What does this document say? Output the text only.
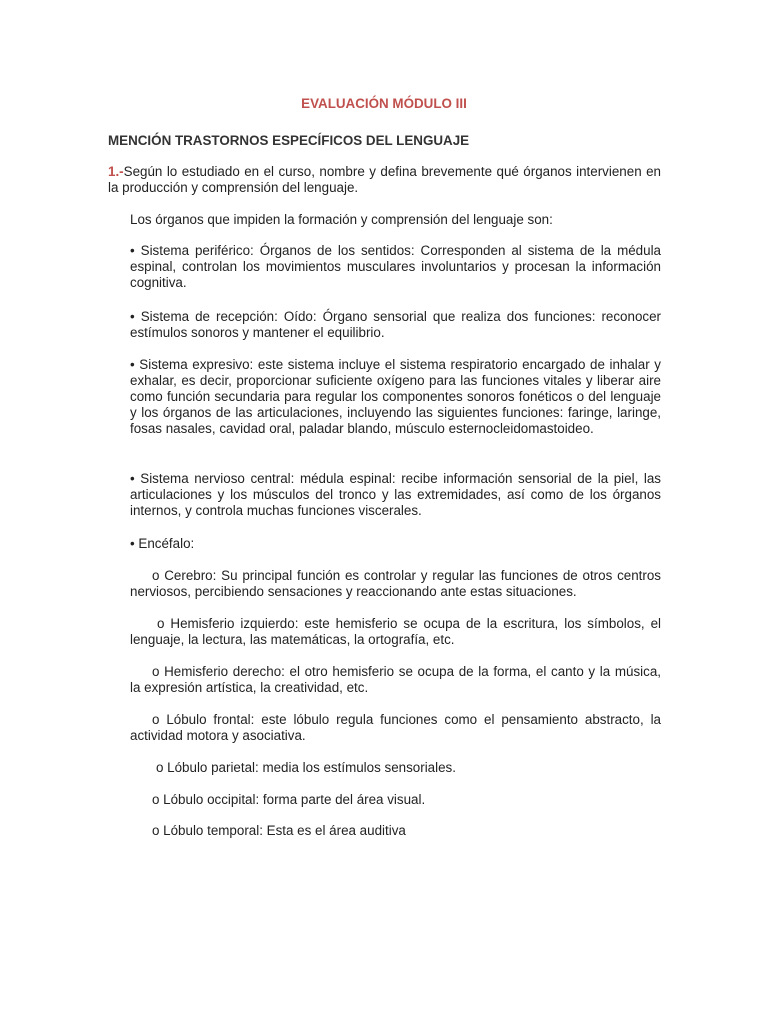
EVALUACIÓN MÓDULO III
MENCIÓN TRASTORNOS ESPECÍFICOS DEL LENGUAJE
1.-Según lo estudiado en el curso, nombre y defina brevemente qué órganos intervienen en la producción y comprensión del lenguaje.
Los órganos que impiden la formación y comprensión del lenguaje son:
• Sistema periférico: Órganos de los sentidos: Corresponden al sistema de la médula espinal, controlan los movimientos musculares involuntarios y procesan la información cognitiva.
• Sistema de recepción: Oído: Órgano sensorial que realiza dos funciones: reconocer estímulos sonoros y mantener el equilibrio.
• Sistema expresivo: este sistema incluye el sistema respiratorio encargado de inhalar y exhalar, es decir, proporcionar suficiente oxígeno para las funciones vitales y liberar aire como función secundaria para regular los componentes sonoros fonéticos o del lenguaje y los órganos de las articulaciones, incluyendo las siguientes funciones: faringe, laringe, fosas nasales, cavidad oral, paladar blando, músculo esternocleidomastoideo.
• Sistema nervioso central: médula espinal: recibe información sensorial de la piel, las articulaciones y los músculos del tronco y las extremidades, así como de los órganos internos, y controla muchas funciones viscerales.
• Encéfalo:
o Cerebro: Su principal función es controlar y regular las funciones de otros centros nerviosos, percibiendo sensaciones y reaccionando ante estas situaciones.
o Hemisferio izquierdo: este hemisferio se ocupa de la escritura, los símbolos, el lenguaje, la lectura, las matemáticas, la ortografía, etc.
o Hemisferio derecho: el otro hemisferio se ocupa de la forma, el canto y la música, la expresión artística, la creatividad, etc.
o Lóbulo frontal: este lóbulo regula funciones como el pensamiento abstracto, la actividad motora y asociativa.
o Lóbulo parietal: media los estímulos sensoriales.
o Lóbulo occipital: forma parte del área visual.
o Lóbulo temporal: Esta es el área auditiva
